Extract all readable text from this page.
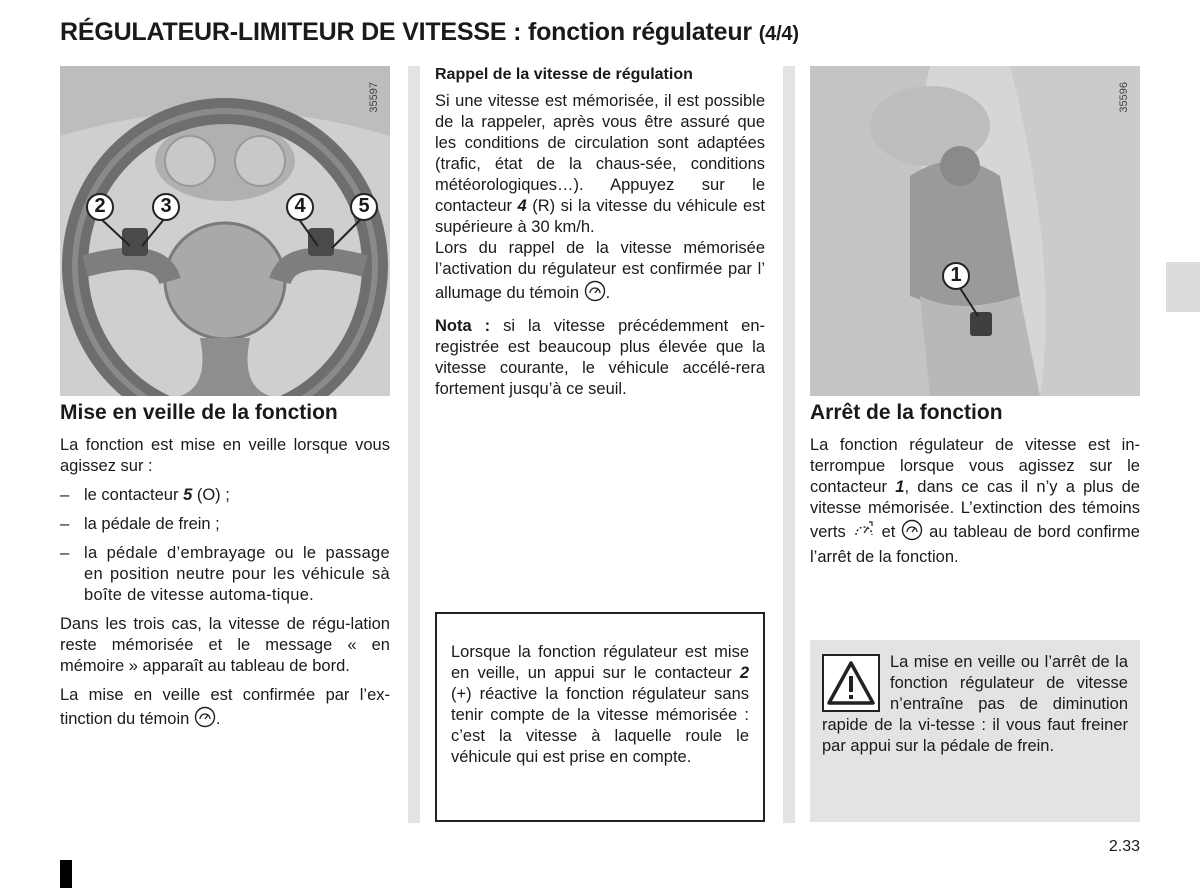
RÉGULATEUR-LIMITEUR DE VITESSE : fonction régulateur (4/4)
35597
2	3	4	5
35596
1
Mise en veille de la fonction

La fonction est mise en veille lorsque vous agissez sur :

– le contacteur 5 (O) ;
– la pédale de frein ;
– la pédale d’embrayage ou le passage en position neutre pour les véhicule sà boîte de vitesse automa-tique.

Dans les trois cas, la vitesse de régu-lation reste mémorisée et le message « en mémoire » apparaît au tableau de bord.

La mise en veille est confirmée par l’ex-tinction du témoin .

Rappel de la vitesse de régulation

Si une vitesse est mémorisée, il est possible de la rappeler, après vous être assuré que les conditions de circulation sont adaptées (trafic, état de la chaus-sée, conditions météorologiques…). Appuyez sur le contacteur 4 (R) si la vitesse du véhicule est supérieure à 30 km/h.

Lors du rappel de la vitesse mémorisée l’activation du régulateur est confirmée par l’ allumage du témoin .

Nota : si la vitesse précédemment en-registrée est beaucoup plus élevée que la vitesse courante, le véhicule accélé-rera fortement jusqu’à ce seuil.

Lorsque la fonction régulateur est mise en veille, un appui sur le contacteur 2 (+) réactive la fonction régulateur sans tenir compte de la vitesse mémorisée : c’est la vitesse à laquelle roule le véhicule qui est prise en compte.
Arrêt de la fonction

La fonction régulateur de vitesse est in-terrompue lorsque vous agissez sur le contacteur 1, dans ce cas il n’y a plus de vitesse mémorisée. L’extinction des témoins verts  et  au tableau de bord confirme l’arrêt de la fonction.

La mise en veille ou l’arrêt de la fonction régulateur de vitesse n’entraîne pas de diminution rapide de la vi-tesse : il vous faut freiner par appui sur la pédale de frein.
2.33
